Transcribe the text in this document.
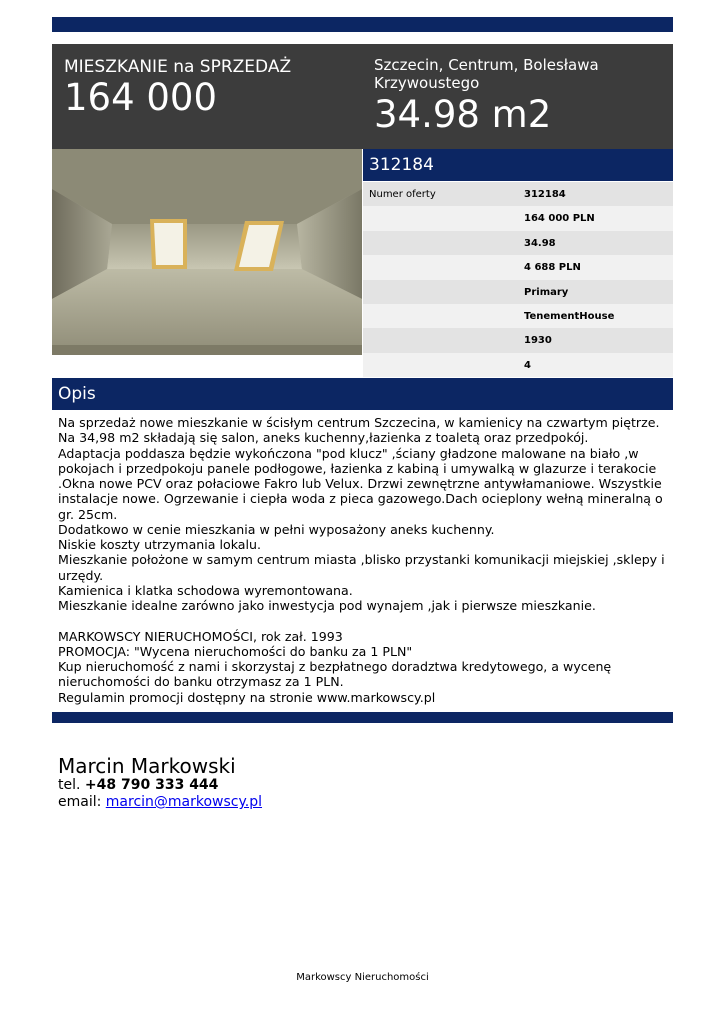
MIESZKANIE na SPRZEDAŻ
164 000
Szczecin, Centrum, Bolesława Krzywoustego
34.98 m2
312184
Numer oferty	312184
164 000 PLN
34.98
4 688 PLN
Primary
TenementHouse
1930
4
Opis

Na sprzedaż nowe mieszkanie w ścisłym centrum Szczecina, w kamienicy na czwartym piętrze. Na 34,98 m2 składają się salon, aneks kuchenny,łazienka z toaletą oraz przedpokój.

Adaptacja poddasza będzie wykończona "pod klucz" ,ściany gładzone malowane na biało ,w pokojach i przedpokoju panele podłogowe, łazienka z kabiną i umywalką w glazurze i terakocie .Okna nowe PCV oraz połaciowe Fakro lub Velux. Drzwi zewnętrzne antywłamaniowe. Wszystkie instalacje nowe. Ogrzewanie i ciepła woda z pieca gazowego.Dach ocieplony wełną mineralną o gr. 25cm.

Dodatkowo w cenie mieszkania w pełni wyposażony aneks kuchenny.

Niskie koszty utrzymania lokalu.

Mieszkanie położone w samym centrum miasta ,blisko przystanki komunikacji miejskiej ,sklepy i urzędy.

Kamienica i klatka schodowa wyremontowana.

Mieszkanie idealne zarówno jako inwestycja pod wynajem ,jak i pierwsze mieszkanie.

MARKOWSCY NIERUCHOMOŚCI, rok zał. 1993

PROMOCJA: "Wycena nieruchomości do banku za 1 PLN"

Kup nieruchomość z nami i skorzystaj z bezpłatnego doradztwa kredytowego, a wycenę nieruchomości do banku otrzymasz za 1 PLN.

Regulamin promocji dostępny na stronie www.markowscy.pl

Marcin Markowski
tel. +48 790 333 444
email: marcin@markowscy.pl
Markowscy Nieruchomości
